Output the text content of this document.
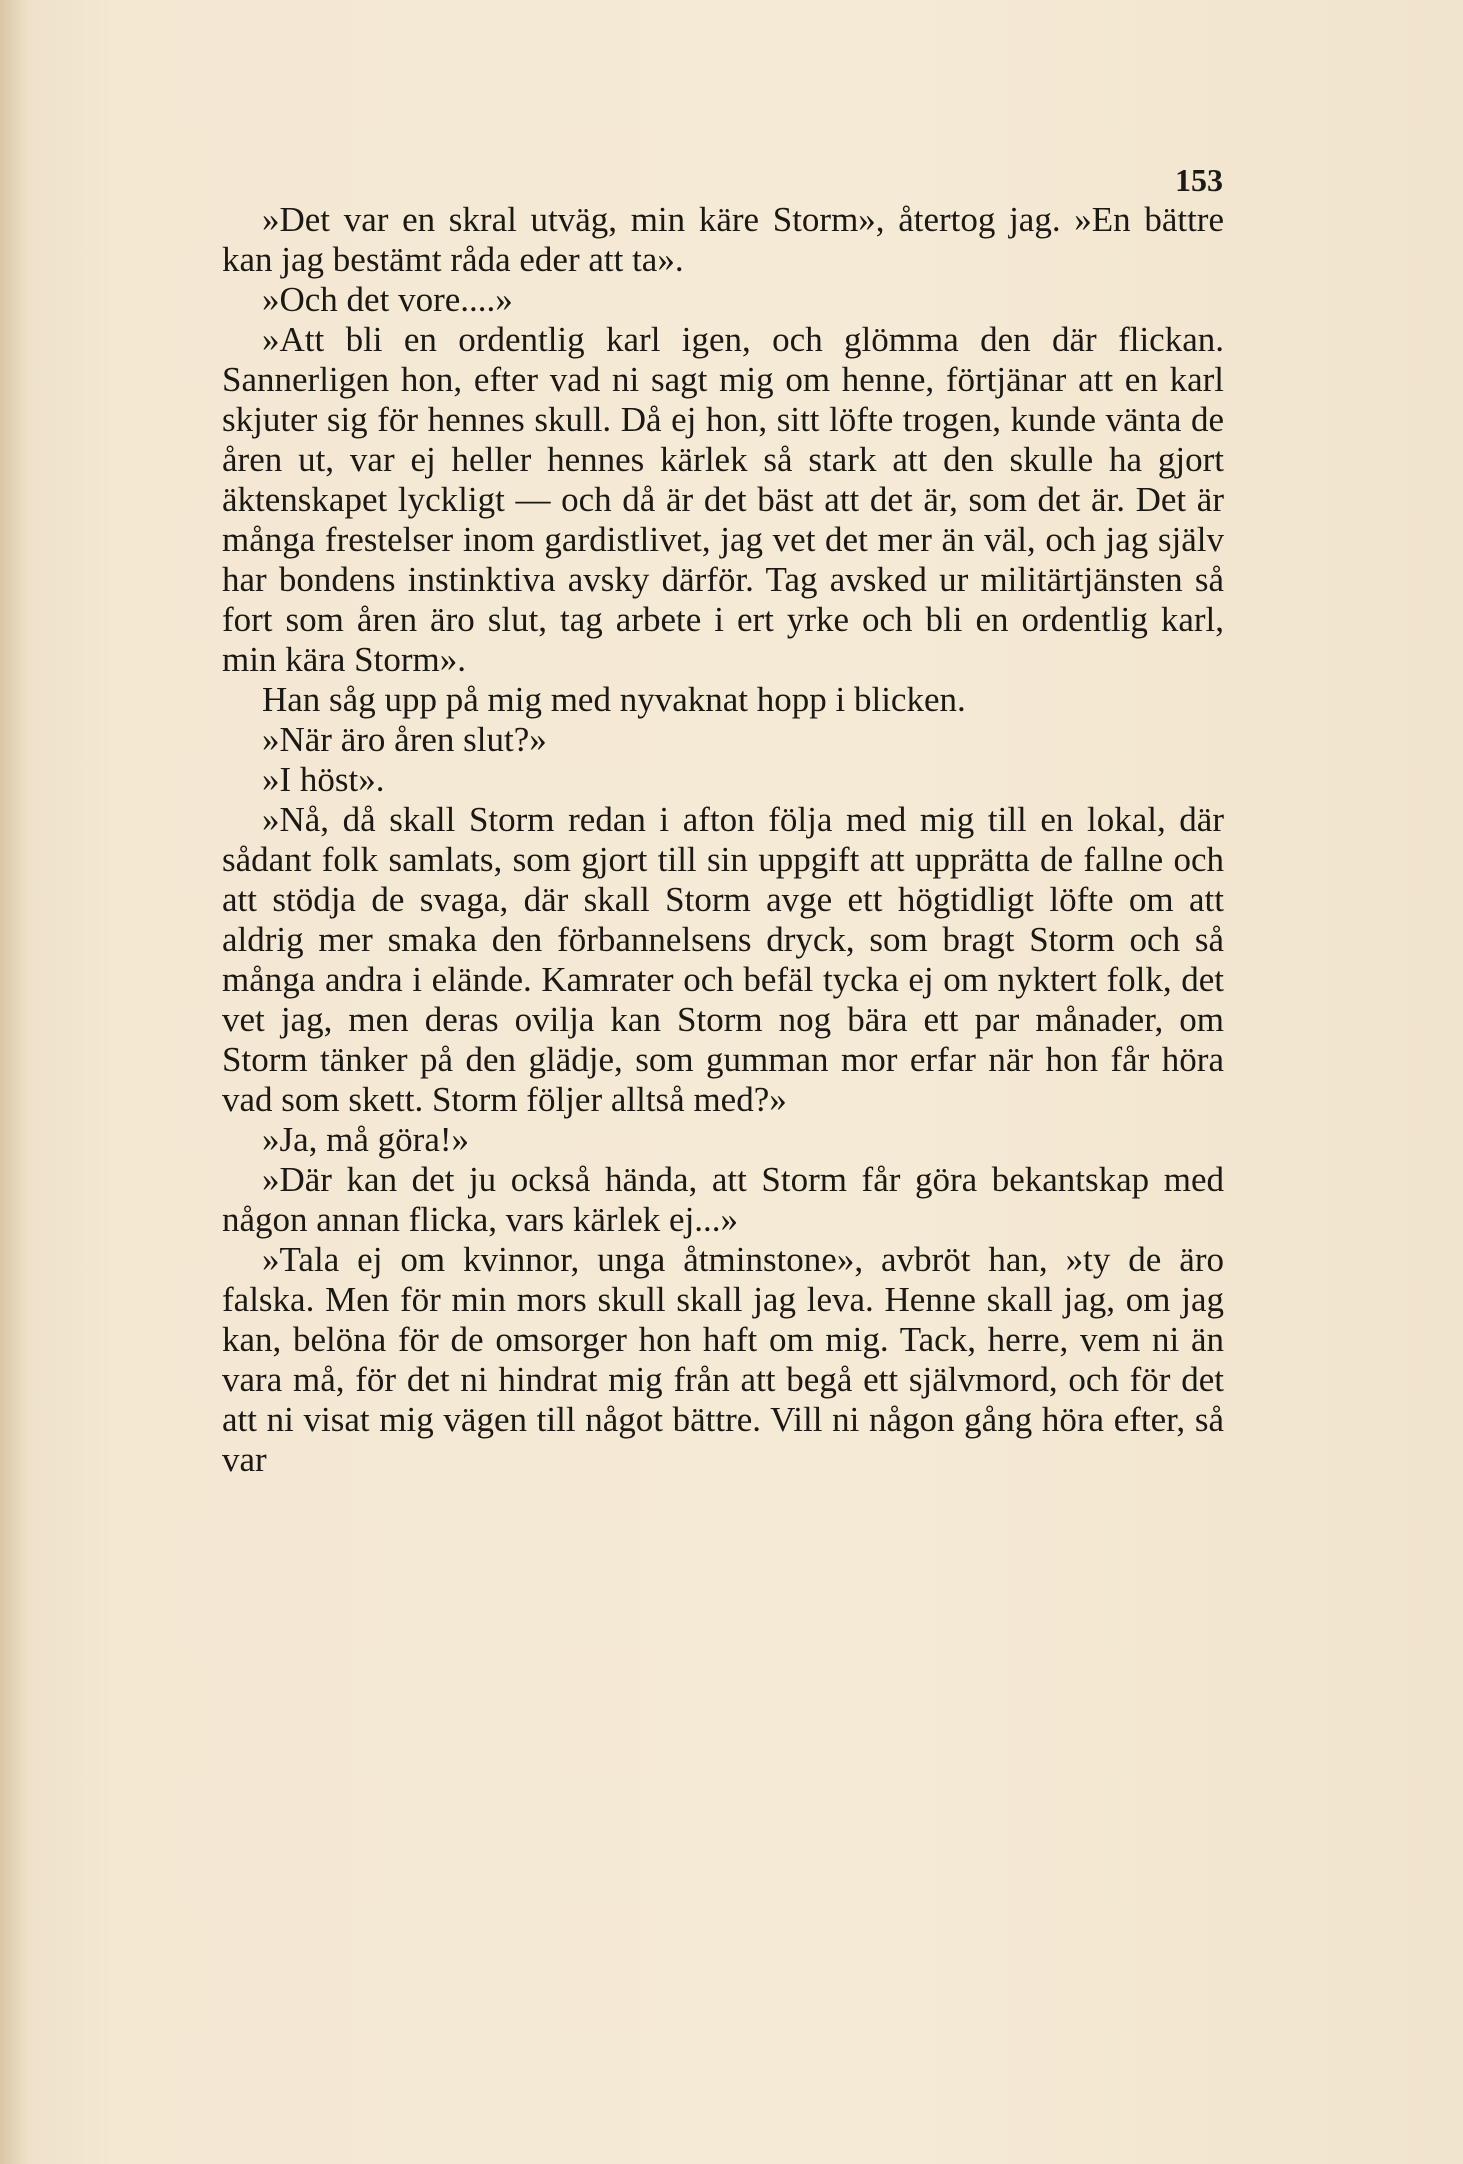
153

»Det var en skral utväg, min käre Storm», återtog jag. »En bättre kan jag bestämt råda eder att ta».

»Och det vore....»

»Att bli en ordentlig karl igen, och glömma den där flickan. Sannerligen hon, efter vad ni sagt mig om henne, förtjänar att en karl skjuter sig för hennes skull. Då ej hon, sitt löfte trogen, kunde vänta de åren ut, var ej heller hennes kärlek så stark att den skulle ha gjort äktenskapet lyckligt — och då är det bäst att det är, som det är. Det är många frestelser inom gardistlivet, jag vet det mer än väl, och jag själv har bondens instinktiva avsky därför. Tag avsked ur militärtjänsten så fort som åren äro slut, tag arbete i ert yrke och bli en ordentlig karl, min kära Storm».

Han såg upp på mig med nyvaknat hopp i blicken.

»När äro åren slut?»

»I höst».

»Nå, då skall Storm redan i afton följa med mig till en lokal, där sådant folk samlats, som gjort till sin uppgift att upprätta de fallne och att stödja de svaga, där skall Storm avge ett högtidligt löfte om att aldrig mer smaka den förbannelsens dryck, som bragt Storm och så många andra i elände. Kamrater och befäl tycka ej om nyktert folk, det vet jag, men deras ovilja kan Storm nog bära ett par månader, om Storm tänker på den glädje, som gumman mor erfar när hon får höra vad som skett. Storm följer alltså med?»

»Ja, må göra!»

»Där kan det ju också hända, att Storm får göra bekantskap med någon annan flicka, vars kärlek ej...»

»Tala ej om kvinnor, unga åtminstone», avbröt han, »ty de äro falska. Men för min mors skull skall jag leva. Henne skall jag, om jag kan, belöna för de omsorger hon haft om mig. Tack, herre, vem ni än vara må, för det ni hindrat mig från att begå ett självmord, och för det att ni visat mig vägen till något bättre. Vill ni någon gång höra efter, så var
